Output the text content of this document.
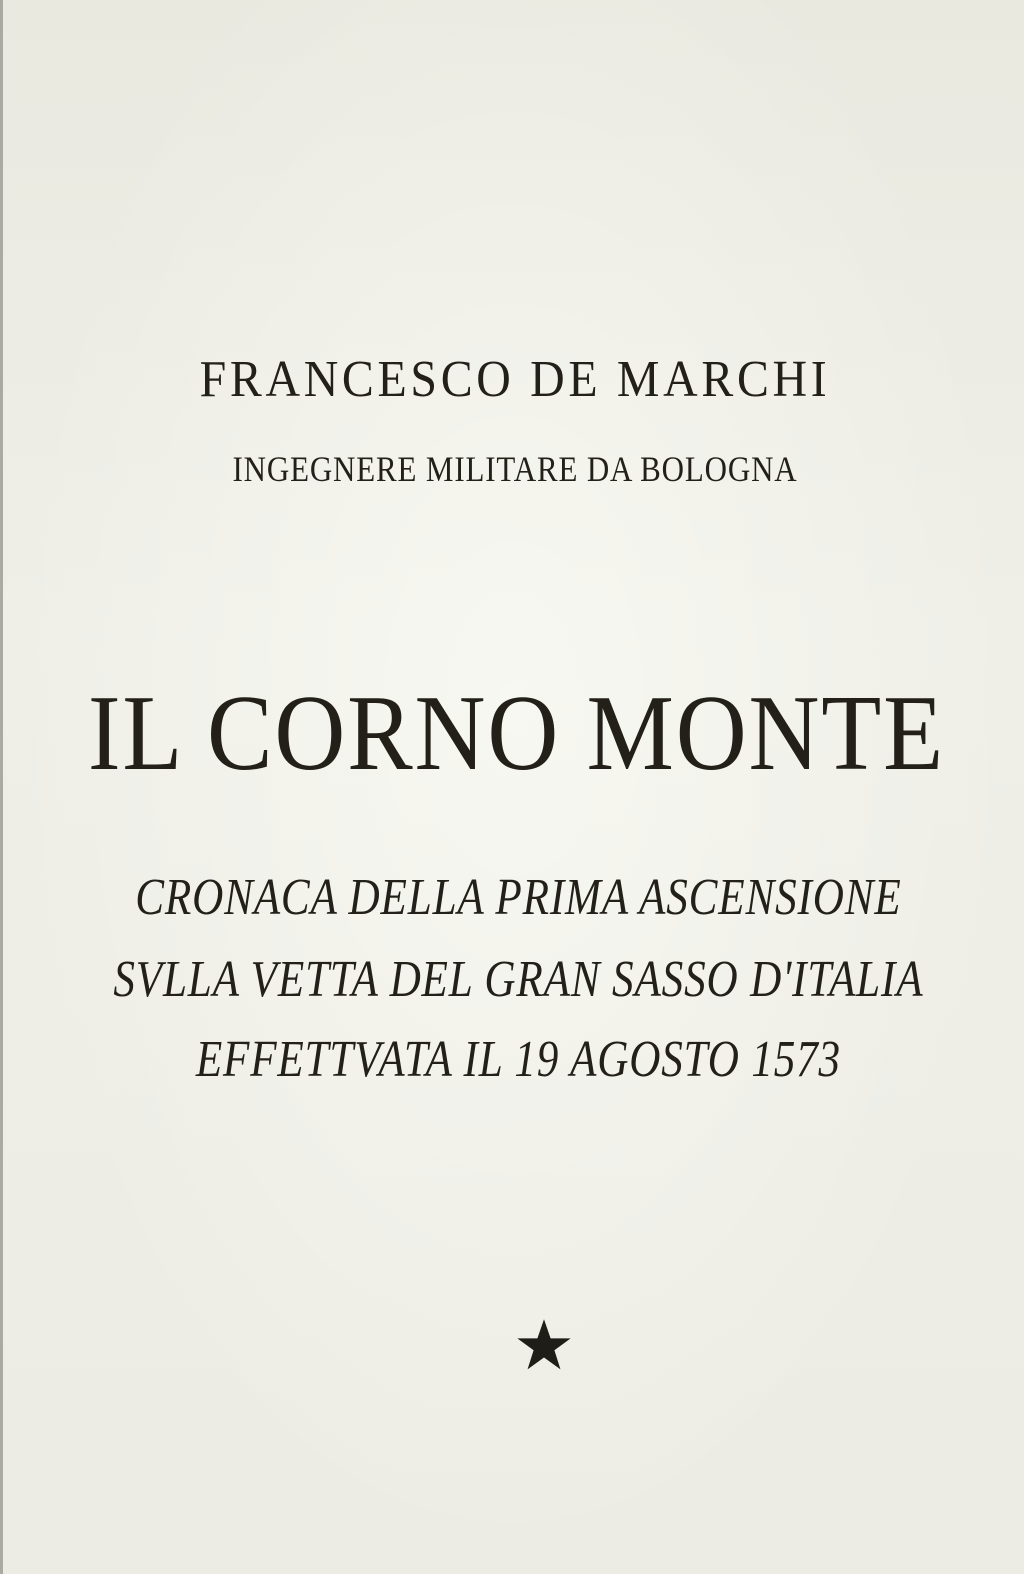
FRANCESCO DE MARCHI
INGEGNERE MILITARE DA BOLOGNA
IL CORNO MONTE
CRONACA DELLA PRIMA ASCENSIONE
SVLLA VETTA DEL GRAN SASSO D'ITALIA
EFFETTVATA IL 19 AGOSTO 1573
